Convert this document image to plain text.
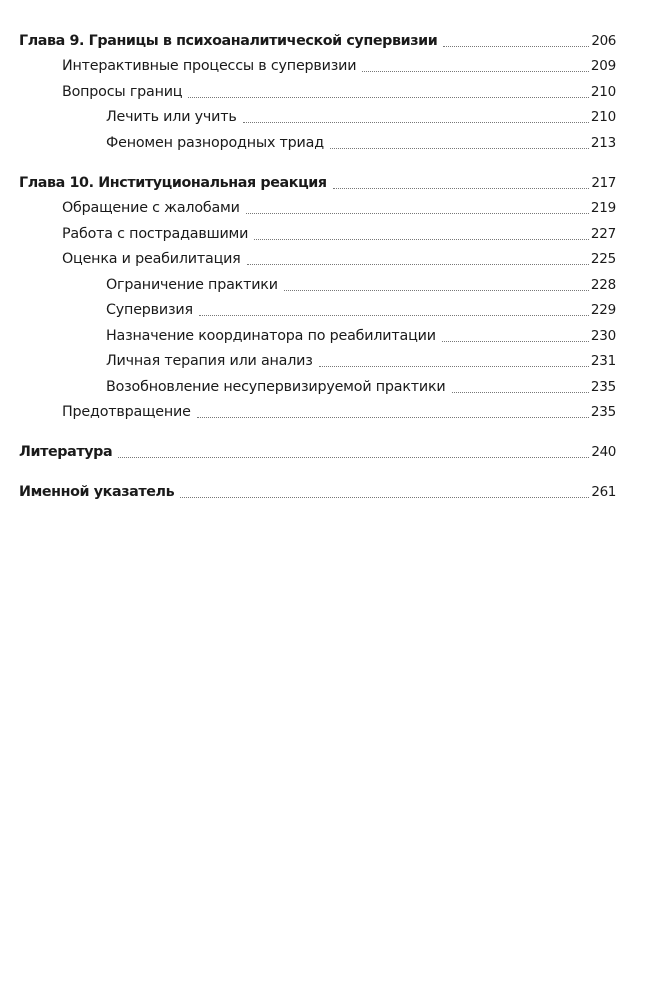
Глава 9. Границы в психоаналитической супервизии	206
Интерактивные процессы в супервизии	209
Вопросы границ	210
Лечить или учить	210
Феномен разнородных триад	213
Глава 10. Институциональная реакция	217
Обращение с жалобами	219
Работа с пострадавшими	227
Оценка и реабилитация	225
Ограничение практики	228
Супервизия	229
Назначение координатора по реабилитации	230
Личная терапия или анализ	231
Возобновление несупервизируемой практики	235
Предотвращение	235
Литература	240
Именной указатель	261
